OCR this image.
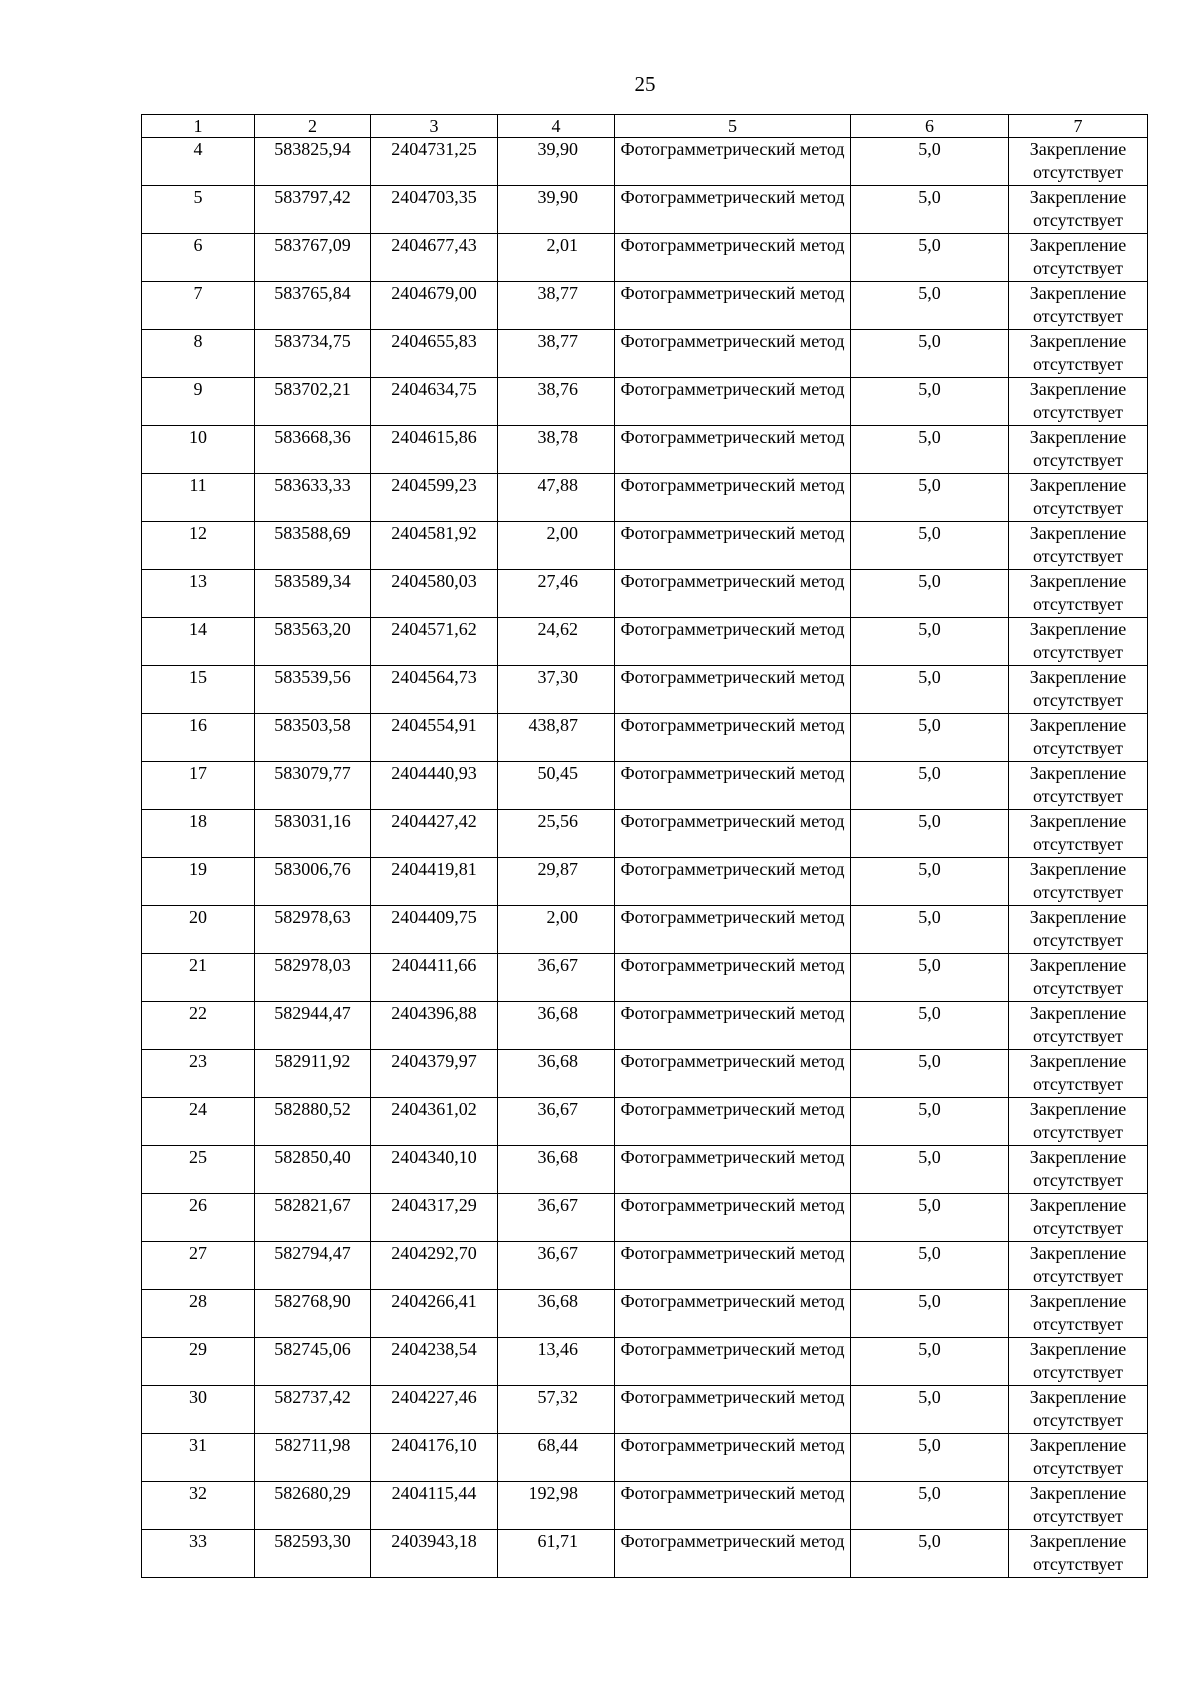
25
1	2	3	4	5	6	7
4	583825,94	2404731,25	39,90	Фотограмметрический метод	5,0	Закрепление отсутствует
5	583797,42	2404703,35	39,90	Фотограмметрический метод	5,0	Закрепление отсутствует
6	583767,09	2404677,43	2,01	Фотограмметрический метод	5,0	Закрепление отсутствует
7	583765,84	2404679,00	38,77	Фотограмметрический метод	5,0	Закрепление отсутствует
8	583734,75	2404655,83	38,77	Фотограмметрический метод	5,0	Закрепление отсутствует
9	583702,21	2404634,75	38,76	Фотограмметрический метод	5,0	Закрепление отсутствует
10	583668,36	2404615,86	38,78	Фотограмметрический метод	5,0	Закрепление отсутствует
11	583633,33	2404599,23	47,88	Фотограмметрический метод	5,0	Закрепление отсутствует
12	583588,69	2404581,92	2,00	Фотограмметрический метод	5,0	Закрепление отсутствует
13	583589,34	2404580,03	27,46	Фотограмметрический метод	5,0	Закрепление отсутствует
14	583563,20	2404571,62	24,62	Фотограмметрический метод	5,0	Закрепление отсутствует
15	583539,56	2404564,73	37,30	Фотограмметрический метод	5,0	Закрепление отсутствует
16	583503,58	2404554,91	438,87	Фотограмметрический метод	5,0	Закрепление отсутствует
17	583079,77	2404440,93	50,45	Фотограмметрический метод	5,0	Закрепление отсутствует
18	583031,16	2404427,42	25,56	Фотограмметрический метод	5,0	Закрепление отсутствует
19	583006,76	2404419,81	29,87	Фотограмметрический метод	5,0	Закрепление отсутствует
20	582978,63	2404409,75	2,00	Фотограмметрический метод	5,0	Закрепление отсутствует
21	582978,03	2404411,66	36,67	Фотограмметрический метод	5,0	Закрепление отсутствует
22	582944,47	2404396,88	36,68	Фотограмметрический метод	5,0	Закрепление отсутствует
23	582911,92	2404379,97	36,68	Фотограмметрический метод	5,0	Закрепление отсутствует
24	582880,52	2404361,02	36,67	Фотограмметрический метод	5,0	Закрепление отсутствует
25	582850,40	2404340,10	36,68	Фотограмметрический метод	5,0	Закрепление отсутствует
26	582821,67	2404317,29	36,67	Фотограмметрический метод	5,0	Закрепление отсутствует
27	582794,47	2404292,70	36,67	Фотограмметрический метод	5,0	Закрепление отсутствует
28	582768,90	2404266,41	36,68	Фотограмметрический метод	5,0	Закрепление отсутствует
29	582745,06	2404238,54	13,46	Фотограмметрический метод	5,0	Закрепление отсутствует
30	582737,42	2404227,46	57,32	Фотограмметрический метод	5,0	Закрепление отсутствует
31	582711,98	2404176,10	68,44	Фотограмметрический метод	5,0	Закрепление отсутствует
32	582680,29	2404115,44	192,98	Фотограмметрический метод	5,0	Закрепление отсутствует
33	582593,30	2403943,18	61,71	Фотограмметрический метод	5,0	Закрепление отсутствует
